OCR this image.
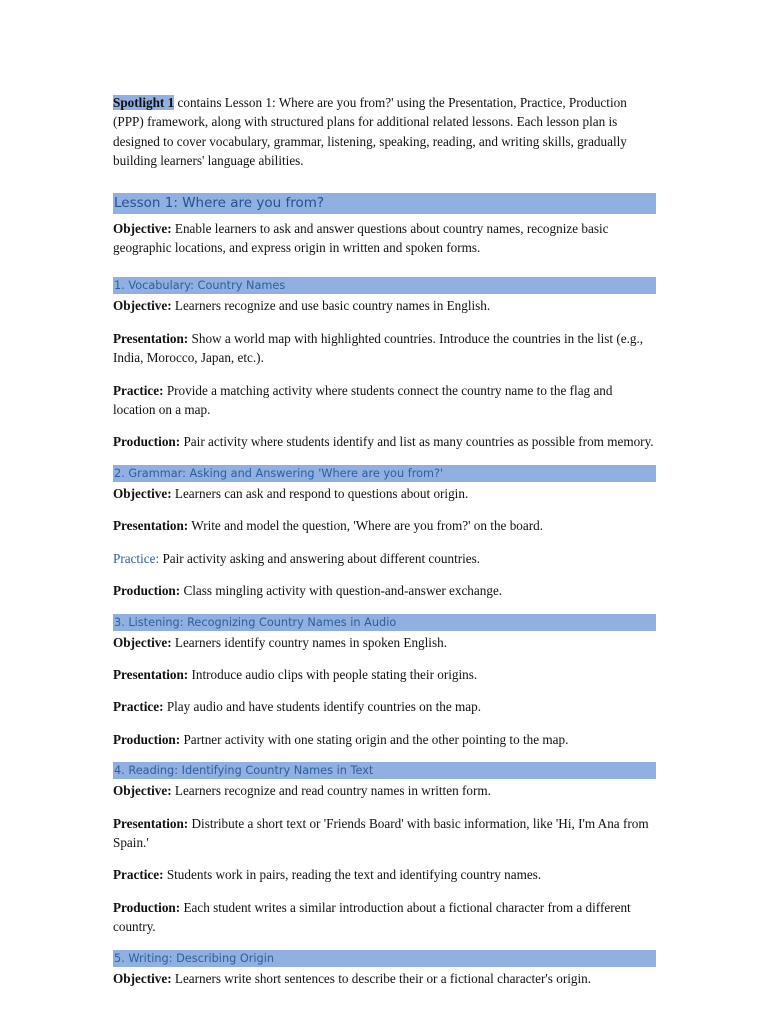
Spotlight 1 contains Lesson 1: Where are you from?' using the Presentation, Practice, Production (PPP) framework, along with structured plans for additional related lessons. Each lesson plan is designed to cover vocabulary, grammar, listening, speaking, reading, and writing skills, gradually building learners' language abilities.

Lesson 1: Where are you from?

Objective: Enable learners to ask and answer questions about country names, recognize basic geographic locations, and express origin in written and spoken forms.

1. Vocabulary: Country Names

Objective: Learners recognize and use basic country names in English.

Presentation: Show a world map with highlighted countries. Introduce the countries in the list (e.g., India, Morocco, Japan, etc.).

Practice: Provide a matching activity where students connect the country name to the flag and location on a map.

Production: Pair activity where students identify and list as many countries as possible from memory.

2. Grammar: Asking and Answering 'Where are you from?'

Objective: Learners can ask and respond to questions about origin.

Presentation: Write and model the question, 'Where are you from?' on the board.

Practice: Pair activity asking and answering about different countries.

Production: Class mingling activity with question-and-answer exchange.

3. Listening: Recognizing Country Names in Audio

Objective: Learners identify country names in spoken English.

Presentation: Introduce audio clips with people stating their origins.

Practice: Play audio and have students identify countries on the map.

Production: Partner activity with one stating origin and the other pointing to the map.

4. Reading: Identifying Country Names in Text

Objective: Learners recognize and read country names in written form.

Presentation: Distribute a short text or 'Friends Board' with basic information, like 'Hi, I'm Ana from Spain.'

Practice: Students work in pairs, reading the text and identifying country names.

Production: Each student writes a similar introduction about a fictional character from a different country.

5. Writing: Describing Origin

Objective: Learners write short sentences to describe their or a fictional character's origin.
